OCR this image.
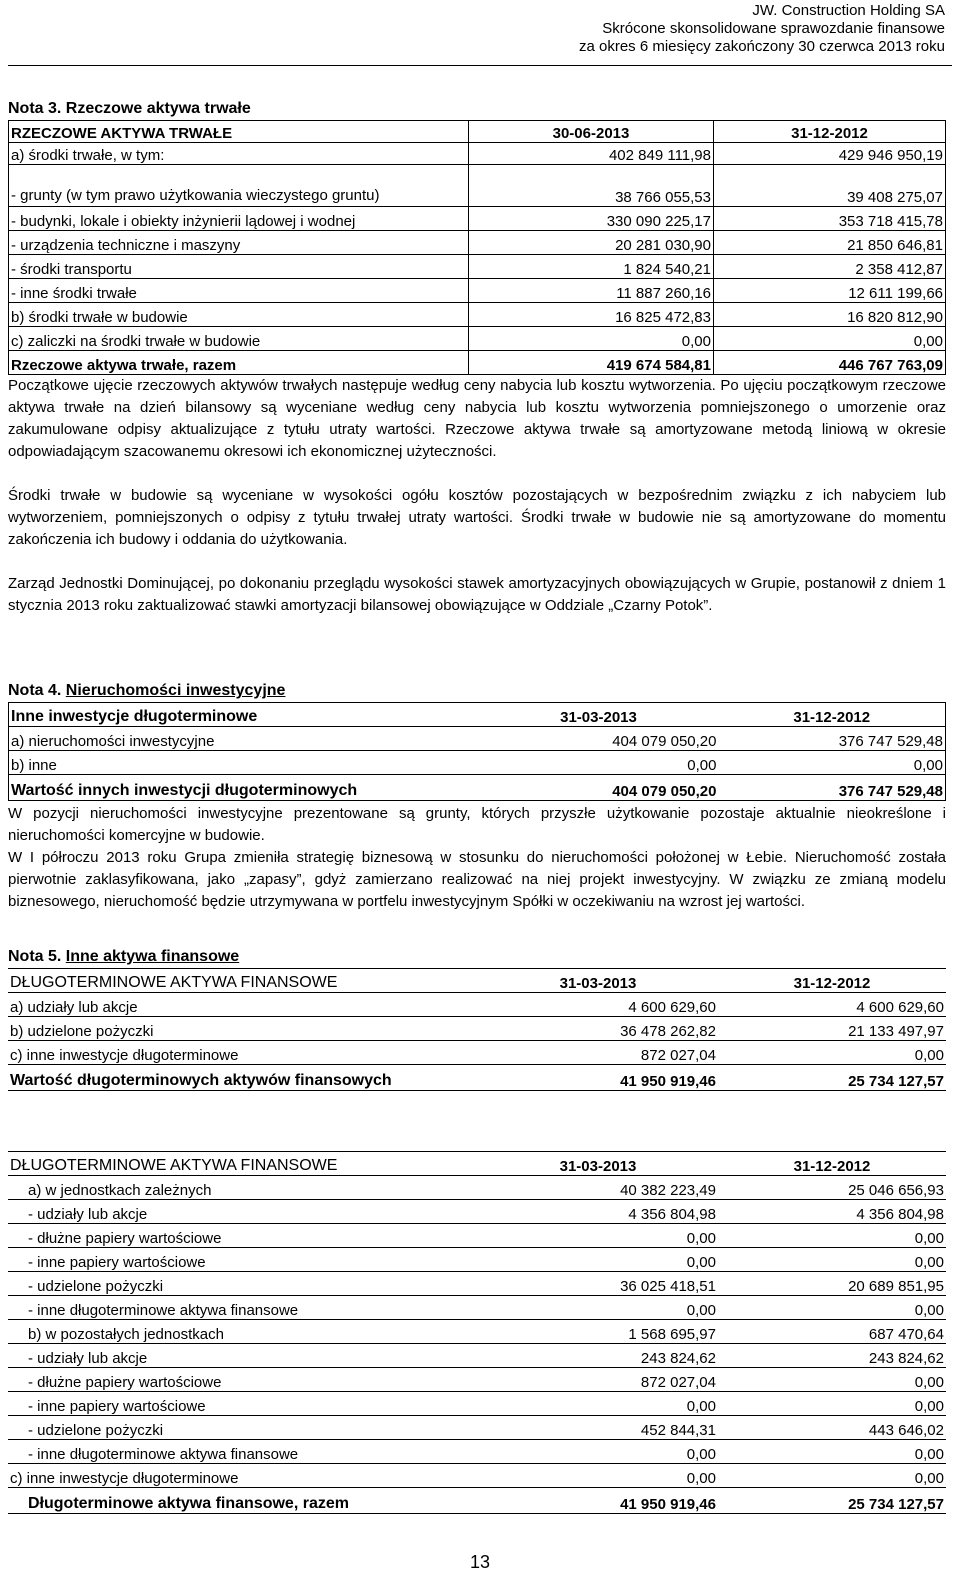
JW. Construction Holding SA
Skrócone skonsolidowane sprawozdanie finansowe
za okres 6 miesięcy zakończony 30 czerwca 2013 roku
Nota 3. Rzeczowe aktywa trwałe
RZECZOWE AKTYWA TRWAŁE	30-06-2013	31-12-2012
a) środki trwałe, w tym:	402 849 111,98	429 946 950,19
- grunty (w tym prawo użytkowania wieczystego gruntu)	38 766 055,53	39 408 275,07
- budynki, lokale i obiekty inżynierii lądowej i wodnej	330 090 225,17	353 718 415,78
- urządzenia techniczne i maszyny	20 281 030,90	21 850 646,81
- środki transportu	1 824 540,21	2 358 412,87
- inne środki trwałe	11 887 260,16	12 611 199,66
b) środki trwałe w budowie	16 825 472,83	16 820 812,90
c) zaliczki na środki trwałe w budowie	0,00	0,00
Rzeczowe aktywa trwałe, razem	419 674 584,81	446 767 763,09

Początkowe ujęcie rzeczowych aktywów trwałych następuje według ceny nabycia lub kosztu wytworzenia. Po ujęciu początkowym rzeczowe aktywa trwałe na dzień bilansowy są wyceniane według ceny nabycia lub kosztu wytworzenia pomniejszonego o umorzenie oraz zakumulowane odpisy aktualizujące z tytułu utraty wartości. Rzeczowe aktywa trwałe są amortyzowane metodą liniową w okresie odpowiadającym szacowanemu okresowi ich ekonomicznej użyteczności.

Środki trwałe w budowie są wyceniane w wysokości ogółu kosztów pozostających w bezpośrednim związku z ich nabyciem lub wytworzeniem, pomniejszonych o odpisy z tytułu trwałej utraty wartości. Środki trwałe w budowie nie są amortyzowane do momentu zakończenia ich budowy i oddania do użytkowania.

Zarząd Jednostki Dominującej, po dokonaniu przeglądu wysokości stawek amortyzacyjnych obowiązujących w Grupie, postanowił z dniem 1 stycznia 2013 roku zaktualizować stawki amortyzacji bilansowej obowiązujące w Oddziale „Czarny Potok”.

Nota 4. Nieruchomości inwestycyjne
Inne inwestycje długoterminowe	31-03-2013	31-12-2012
a) nieruchomości inwestycyjne	404 079 050,20	376 747 529,48
b) inne	0,00	0,00
Wartość innych inwestycji długoterminowych	404 079 050,20	376 747 529,48

W pozycji nieruchomości inwestycyjne prezentowane są grunty, których przyszłe użytkowanie pozostaje aktualnie nieokreślone i nieruchomości komercyjne w budowie.

W I półroczu 2013 roku Grupa zmieniła strategię biznesową w stosunku do nieruchomości położonej w Łebie. Nieruchomość została pierwotnie zaklasyfikowana, jako „zapasy”, gdyż zamierzano realizować na niej projekt inwestycyjny. W związku ze zmianą modelu biznesowego, nieruchomość będzie utrzymywana w portfelu inwestycyjnym Spółki w oczekiwaniu na wzrost jej wartości.

Nota 5. Inne aktywa finansowe
DŁUGOTERMINOWE AKTYWA FINANSOWE	31-03-2013	31-12-2012
a) udziały lub akcje	4 600 629,60	4 600 629,60
b) udzielone pożyczki	36 478 262,82	21 133 497,97
c) inne inwestycje długoterminowe	872 027,04	0,00
Wartość długoterminowych aktywów finansowych	41 950 919,46	25 734 127,57
DŁUGOTERMINOWE AKTYWA FINANSOWE	31-03-2013	31-12-2012
a) w jednostkach zależnych	40 382 223,49	25 046 656,93
- udziały lub akcje	4 356 804,98	4 356 804,98
- dłużne papiery wartościowe	0,00	0,00
- inne papiery wartościowe	0,00	0,00
- udzielone pożyczki	36 025 418,51	20 689 851,95
- inne długoterminowe aktywa finansowe	0,00	0,00
b) w pozostałych jednostkach	1 568 695,97	687 470,64
- udziały lub akcje	243 824,62	243 824,62
- dłużne papiery wartościowe	872 027,04	0,00
- inne papiery wartościowe	0,00	0,00
- udzielone pożyczki	452 844,31	443 646,02
- inne długoterminowe aktywa finansowe	0,00	0,00
c) inne inwestycje długoterminowe	0,00	0,00
Długoterminowe aktywa finansowe, razem	41 950 919,46	25 734 127,57
13
